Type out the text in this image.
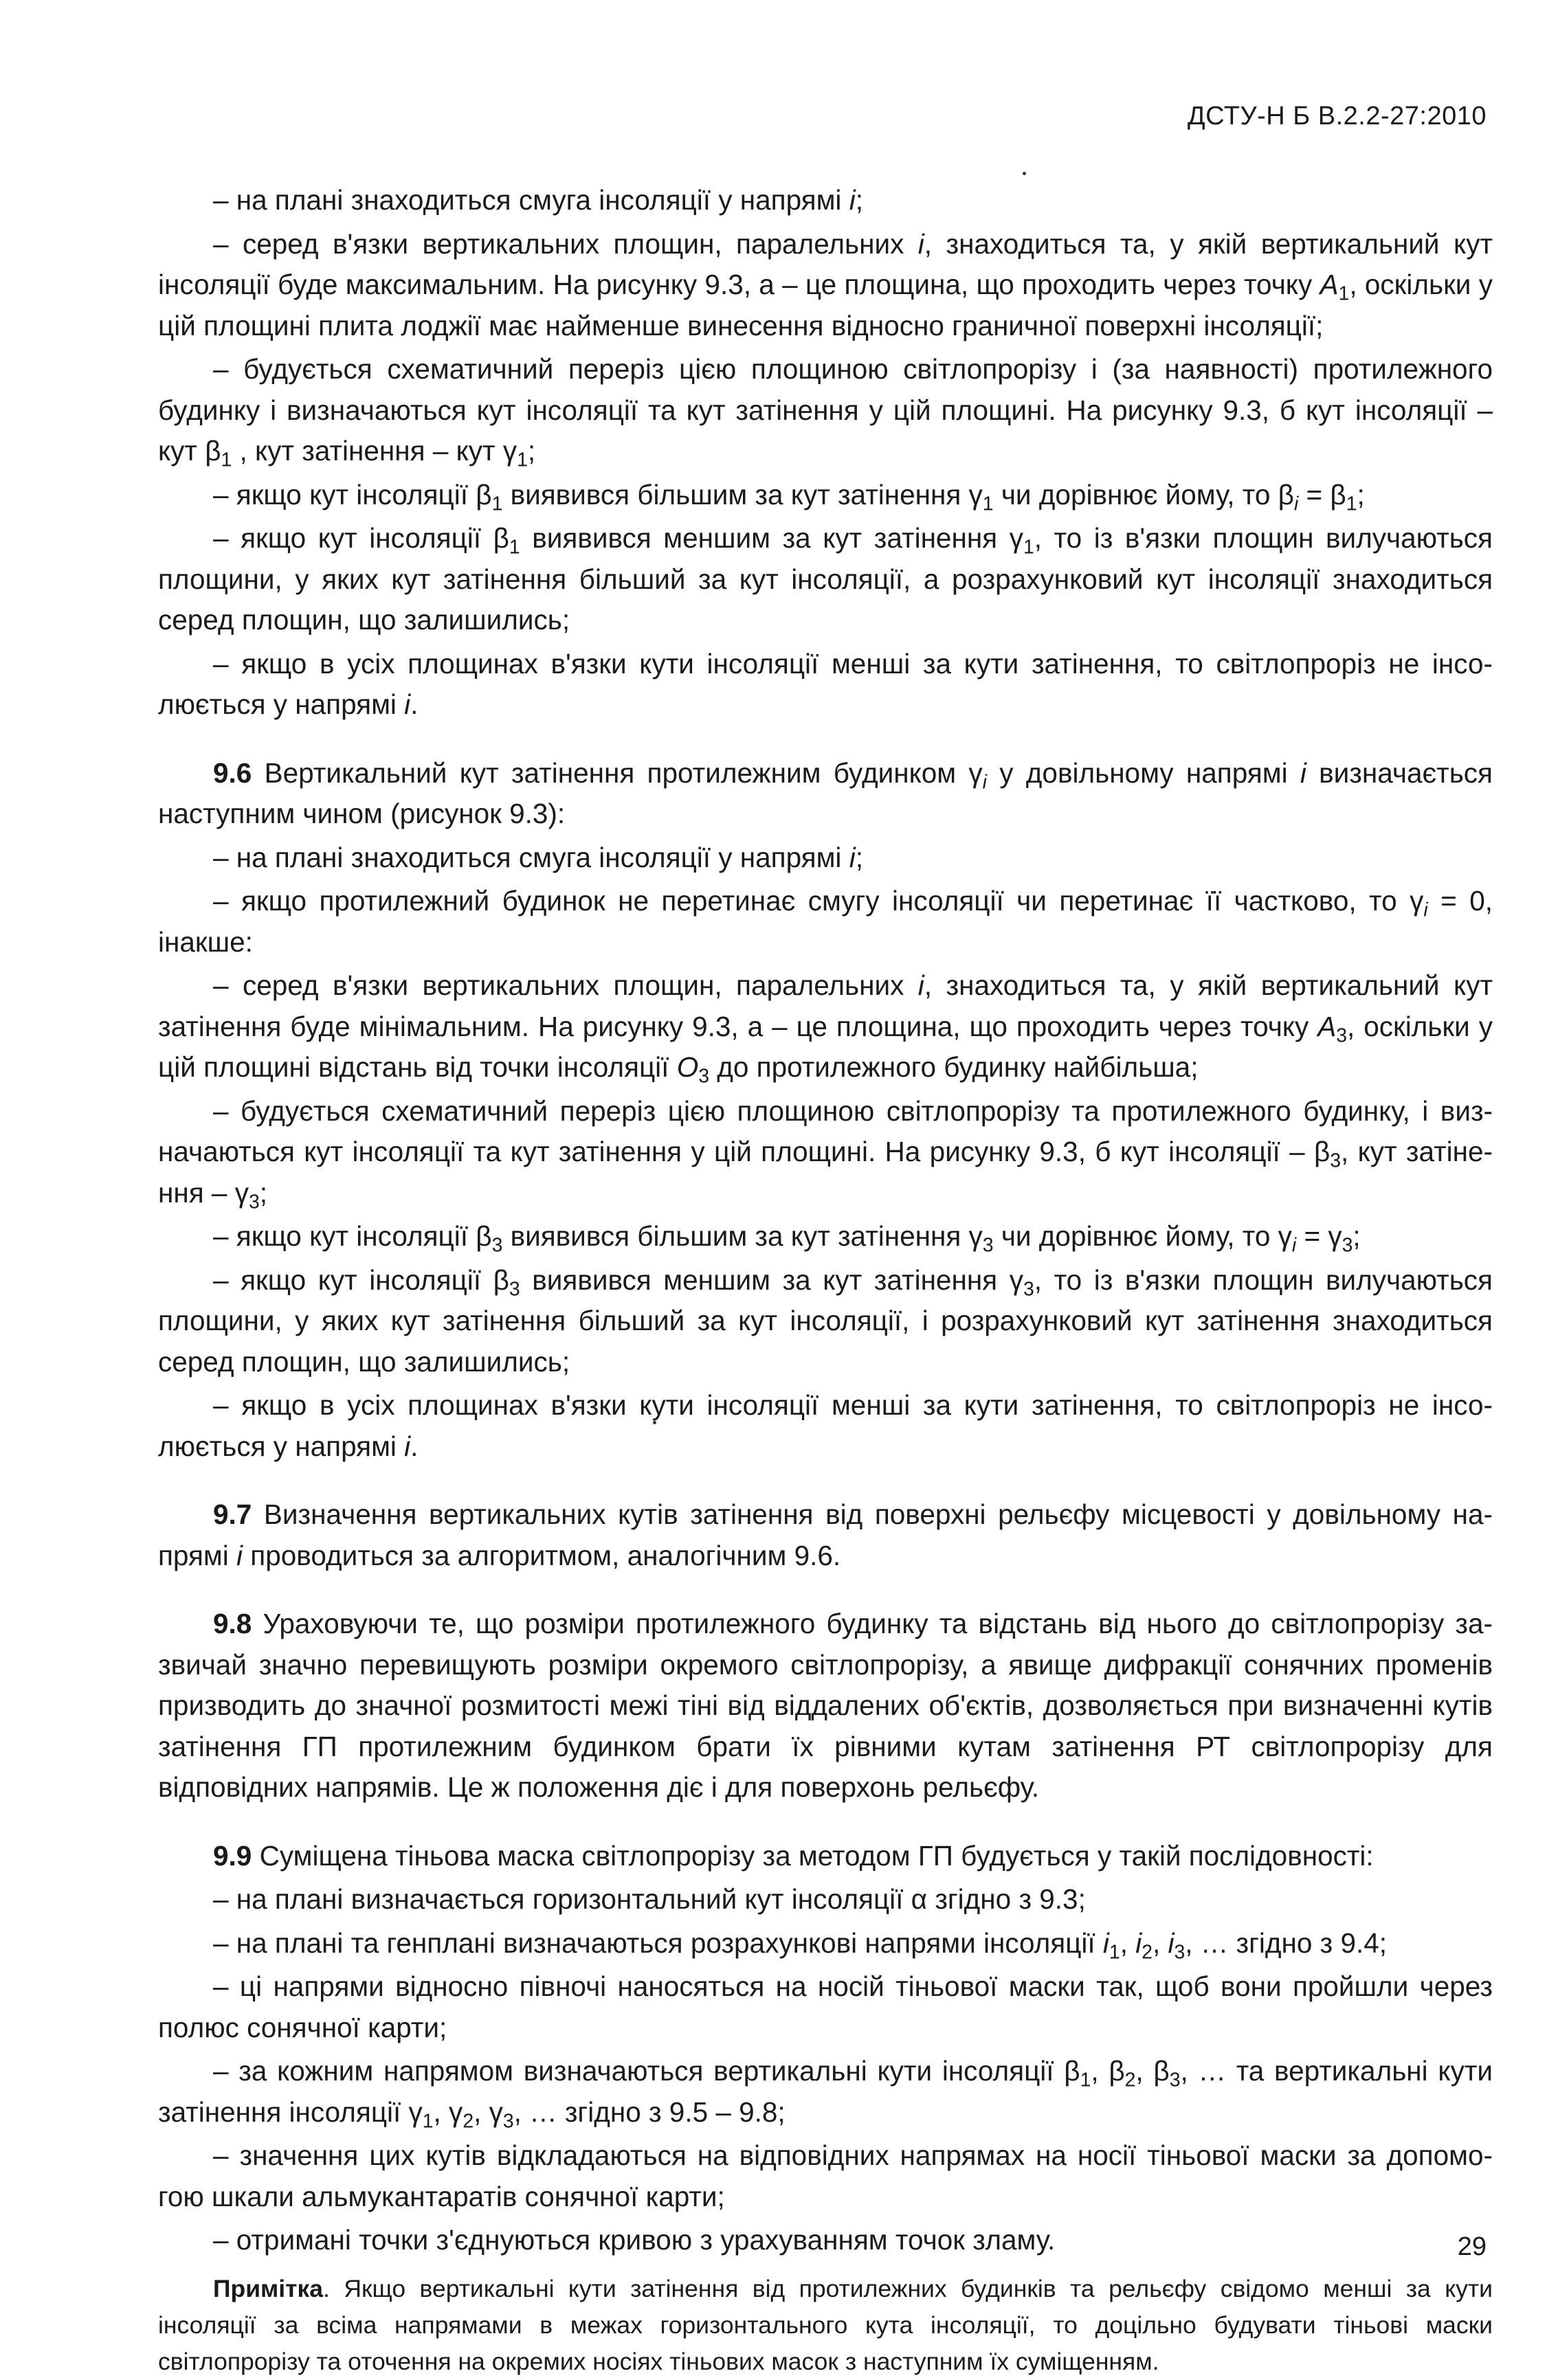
ДСТУ-Н Б В.2.2-27:2010

– на плані знаходиться смуга інсоляції у напрямі і;

– серед в'язки вертикальних площин, паралельних і, знаходиться та, у якій вертикальний кут інсоляції буде максимальним. На рисунку 9.3, а – це площина, що проходить через точку $А_1$, оскільки у цій площині плита лоджії має найменше винесення відносно граничної поверхні інсоляції;

– будується схематичний переріз цією площиною світлопрорізу і (за наявності) протилежного будинку і визначаються кут інсоляції та кут затінення у цій площині. На рисунку 9.3, б кут інсоляції – кут $\beta_1$ , кут затінення – кут $\gamma_1$;

– якщо кут інсоляції $\beta_1$ виявився більшим за кут затінення $\gamma_1$ чи дорівнює йому, то $\beta_і = \beta_1$;

– якщо кут інсоляції $\beta_1$ виявився меншим за кут затінення $\gamma_1$, то із в'язки площин вилучаються площини, у яких кут затінення більший за кут інсоляції, а розрахунковий кут інсоляції знаходиться серед площин, що залишились;

– якщо в усіх площинах в'язки кути інсоляції менші за кути затінення, то світлопроріз не інсо-люється у напрямі і.

9.6 Вертикальний кут затінення протилежним будинком $\gamma_і$ у довільному напрямі і визначається наступним чином (рисунок 9.3):

– на плані знаходиться смуга інсоляції у напрямі і;

– якщо протилежний будинок не перетинає смугу інсоляції чи перетинає її частково, то $\gamma_і = 0$, інакше:

– серед в'язки вертикальних площин, паралельних і, знаходиться та, у якій вертикальний кут затінення буде мінімальним. На рисунку 9.3, а – це площина, що проходить через точку $А_3$, оскільки у цій площині відстань від точки інсоляції $О_3$ до протилежного будинку найбільша;

– будується схематичний переріз цією площиною світлопрорізу та протилежного будинку, і виз-начаються кут інсоляції та кут затінення у цій площині. На рисунку 9.3, б кут інсоляції – $\beta_3$, кут затіне-ння – $\gamma_3$;

– якщо кут інсоляції $\beta_3$ виявився більшим за кут затінення $\gamma_3$ чи дорівнює йому, то $\gamma_і = \gamma_3$;

– якщо кут інсоляції $\beta_3$ виявився меншим за кут затінення $\gamma_3$, то із в'язки площин вилучаються площини, у яких кут затінення більший за кут інсоляції, і розрахунковий кут затінення знаходиться серед площин, що залишились;

– якщо в усіх площинах в'язки кути інсоляції менші за кути затінення, то світлопроріз не інсо-люється у напрямі і.

9.7 Визначення вертикальних кутів затінення від поверхні рельєфу місцевості у довільному на-прямі і проводиться за алгоритмом, аналогічним 9.6.

9.8 Ураховуючи те, що розміри протилежного будинку та відстань від нього до світлопрорізу за-звичай значно перевищують розміри окремого світлопрорізу, а явище дифракції сонячних променів призводить до значної розмитості межі тіні від віддалених об'єктів, дозволяється при визначенні кутів затінення ГП протилежним будинком брати їх рівними кутам затінення РТ світлопрорізу для відповідних напрямів. Це ж положення діє і для поверхонь рельєфу.

9.9 Суміщена тіньова маска світлопрорізу за методом ГП будується у такій послідовності:

– на плані визначається горизонтальний кут інсоляції α згідно з 9.3;

– на плані та генплані визначаються розрахункові напрями інсоляції $і_1$, $і_2$, $і_3$, … згідно з 9.4;

– ці напрями відносно півночі наносяться на носій тіньової маски так, щоб вони пройшли через полюс сонячної карти;

– за кожним напрямом визначаються вертикальні кути інсоляції $\beta_1$, $\beta_2$, $\beta_3$, … та вертикальні кути затінення інсоляції $\gamma_1$, $\gamma_2$, $\gamma_3$, … згідно з 9.5 – 9.8;

– значення цих кутів відкладаються на відповідних напрямах на носії тіньової маски за допомо-гою шкали альмукантаратів сонячної карти;

– отримані точки з'єднуються кривою з урахуванням точок зламу.

Примітка. Якщо вертикальні кути затінення від протилежних будинків та рельєфу свідомо менші за кути інсоляції за всіма напрямами в межах горизонтального кута інсоляції, то доцільно будувати тіньові маски світлопрорізу та оточення на окремих носіях тіньових масок з наступним їх суміщенням.

29
